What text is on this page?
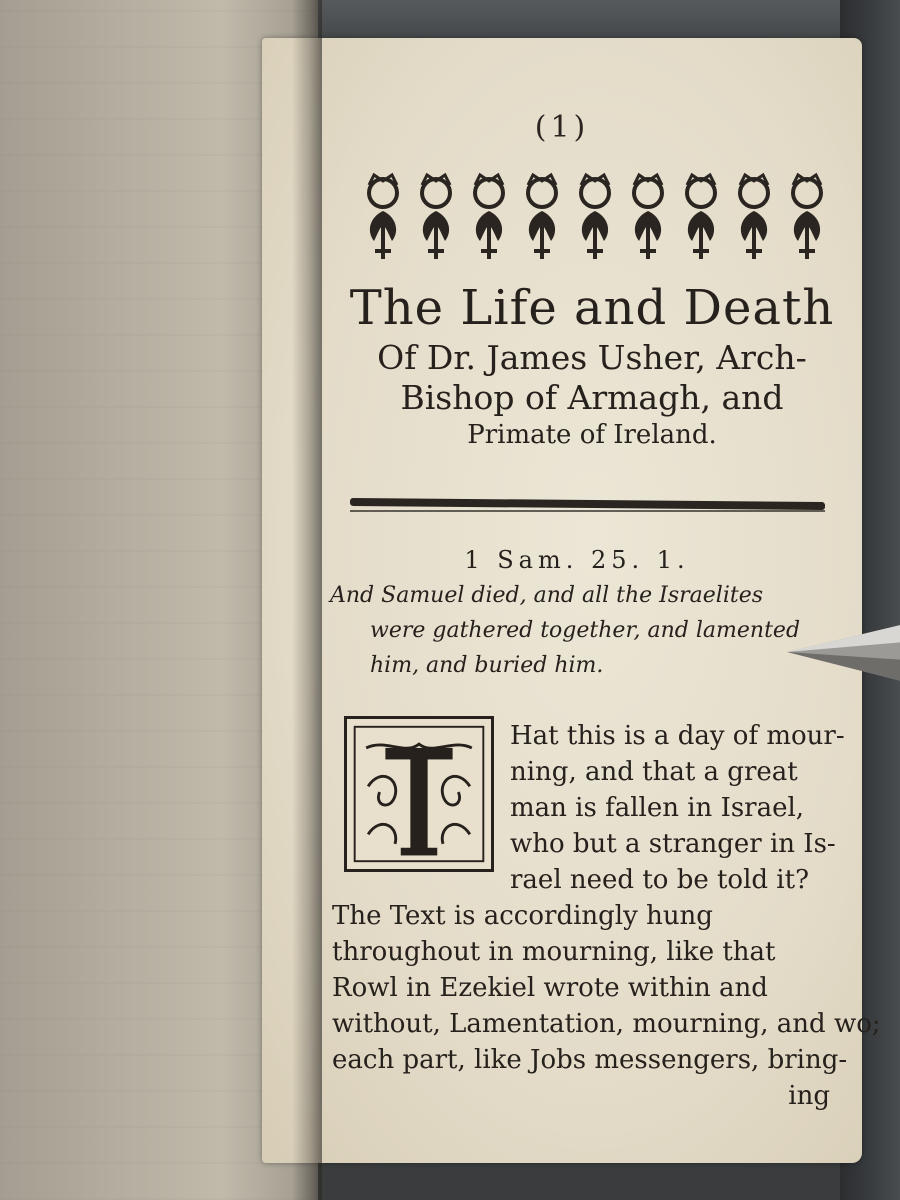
(1)
The Life and Death
Of Dr. James Usher, Arch-
Bishop of Armagh, and
Primate of Ireland.
1 Sam. 25. 1.
And Samuel died, and all the Israelites
were gathered together, and lamented
him, and buried him.
Hat this is a day of mour-
ning, and that a great
man is fallen in Israel,
who but a stranger in Is-
rael need to be told it?
The Text is accordingly hung
throughout in mourning, like that
Rowl in Ezekiel wrote within and
without, Lamentation, mourning, and wo;
each part, like Jobs messengers, bring-
ing
